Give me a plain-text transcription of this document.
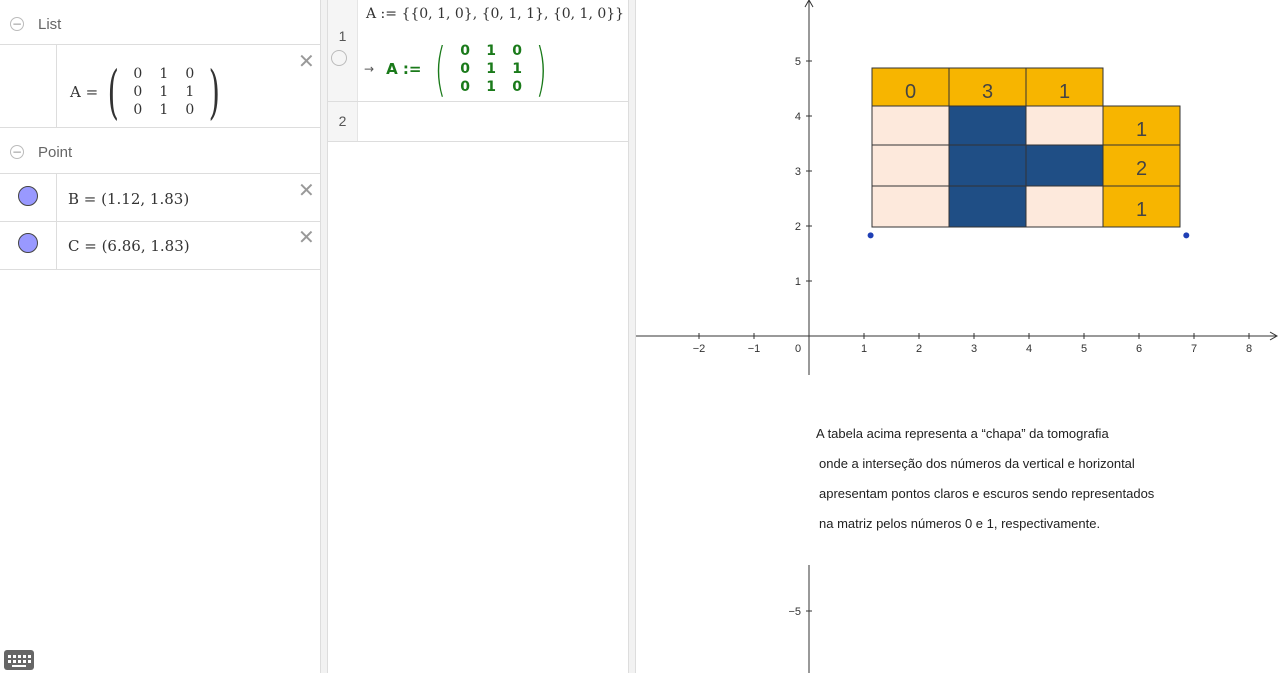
− List
A = (	0	1	0
0	1	1
0	1	0 )	✕
− Point
B = (1.12, 1.83)	✕
C = (6.86, 1.83)	✕
1
A := {{0, 1, 0}, {0, 1, 1}, {0, 1, 0}}
→ A := ( 0	1	0
0	1	1
0	1	0 )
2
−2	−1	0	1	2	3	4	5	6	7	8
1
2
3
4
5
−5
0	3	1
1
2
1
A tabela acima representa a “chapa” da tomografia
onde a interseção dos números da vertical e horizontal
apresentam pontos claros e escuros sendo representados
na matriz pelos números 0 e 1, respectivamente.
